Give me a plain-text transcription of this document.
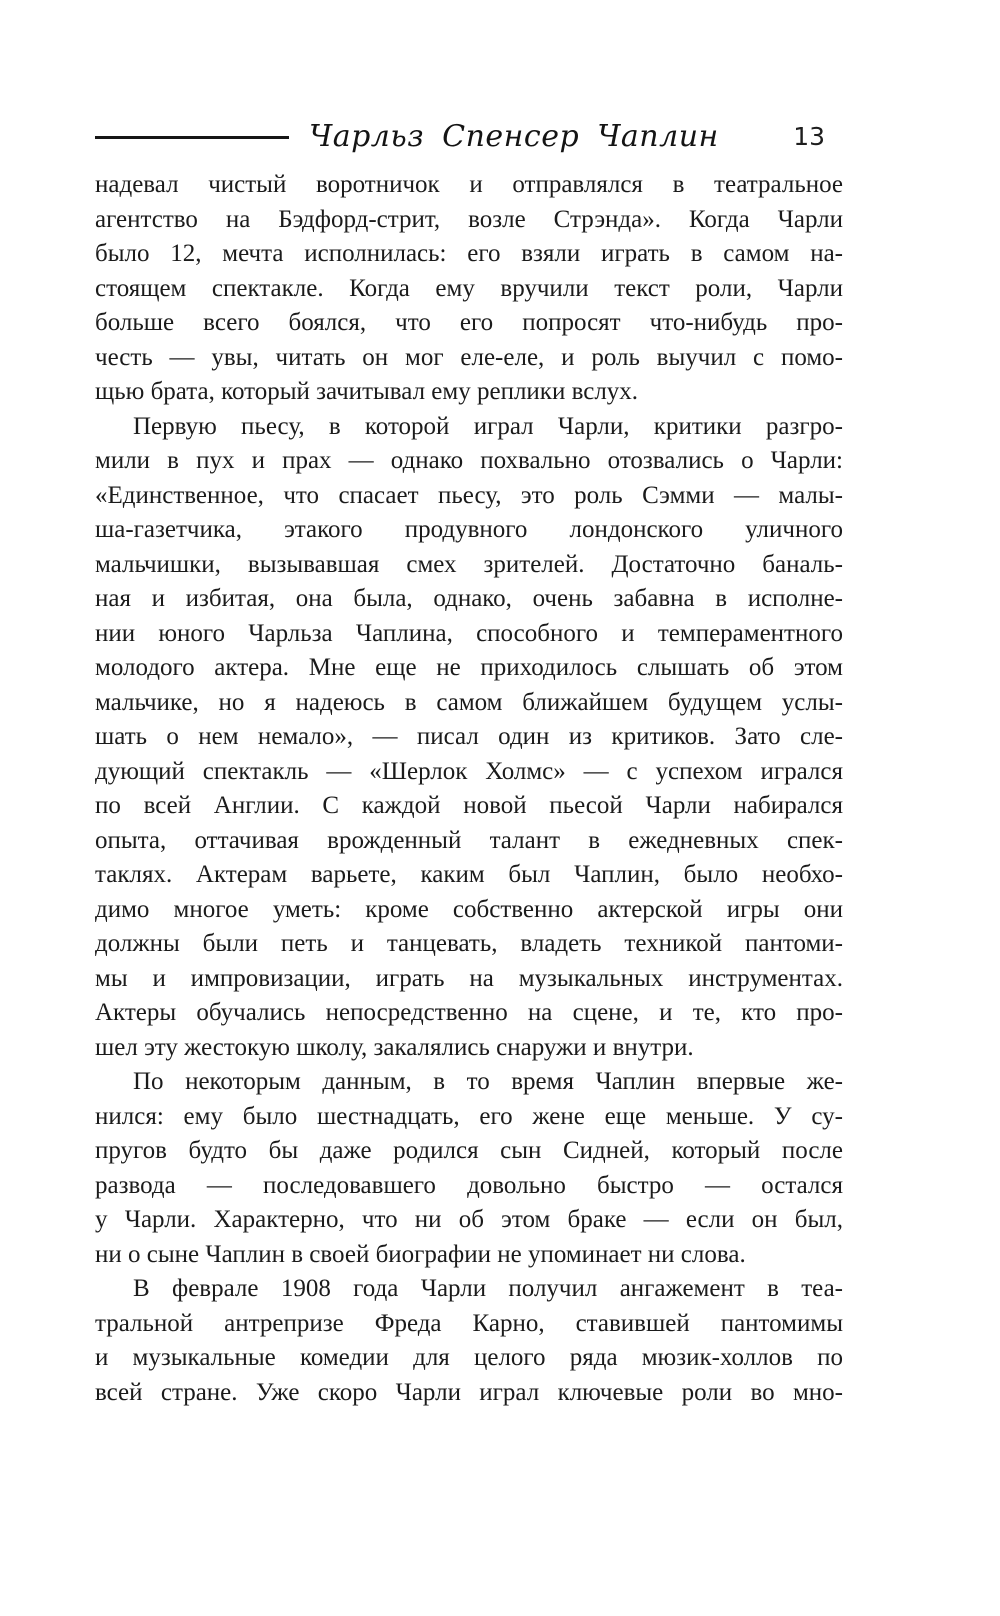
Чарльз Спенсер Чаплин	13
надевал чистый воротничок и отправлялся в театральное
агентство на Бэдфорд-стрит, возле Стрэнда». Когда Чарли
было 12, мечта исполнилась: его взяли играть в самом на-
стоящем спектакле. Когда ему вручили текст роли, Чарли
больше всего боялся, что его попросят что-нибудь про-
честь — увы, читать он мог еле-еле, и роль выучил с помо-
щью брата, который зачитывал ему реплики вслух.
Первую пьесу, в которой играл Чарли, критики разгро-
мили в пух и прах — однако похвально отозвались о Чарли:
«Единственное, что спасает пьесу, это роль Сэмми — малы-
ша-газетчика, этакого продувного лондонского уличного
мальчишки, вызывавшая смех зрителей. Достаточно баналь-
ная и избитая, она была, однако, очень забавна в исполне-
нии юного Чарльза Чаплина, способного и темпераментного
молодого актера. Мне еще не приходилось слышать об этом
мальчике, но я надеюсь в самом ближайшем будущем услы-
шать о нем немало», — писал один из критиков. Зато сле-
дующий спектакль — «Шерлок Холмс» — с успехом игрался
по всей Англии. С каждой новой пьесой Чарли набирался
опыта, оттачивая врожденный талант в ежедневных спек-
таклях. Актерам варьете, каким был Чаплин, было необхо-
димо многое уметь: кроме собственно актерской игры они
должны были петь и танцевать, владеть техникой пантоми-
мы и импровизации, играть на музыкальных инструментах.
Актеры обучались непосредственно на сцене, и те, кто про-
шел эту жестокую школу, закалялись снаружи и внутри.
По некоторым данным, в то время Чаплин впервые же-
нился: ему было шестнадцать, его жене еще меньше. У су-
пругов будто бы даже родился сын Сидней, который после
развода — последовавшего довольно быстро — остался
у Чарли. Характерно, что ни об этом браке — если он был,
ни о сыне Чаплин в своей биографии не упоминает ни слова.
В феврале 1908 года Чарли получил ангажемент в теа-
тральной антрепризе Фреда Карно, ставившей пантомимы
и музыкальные комедии для целого ряда мюзик-холлов по
всей стране. Уже скоро Чарли играл ключевые роли во мно-
